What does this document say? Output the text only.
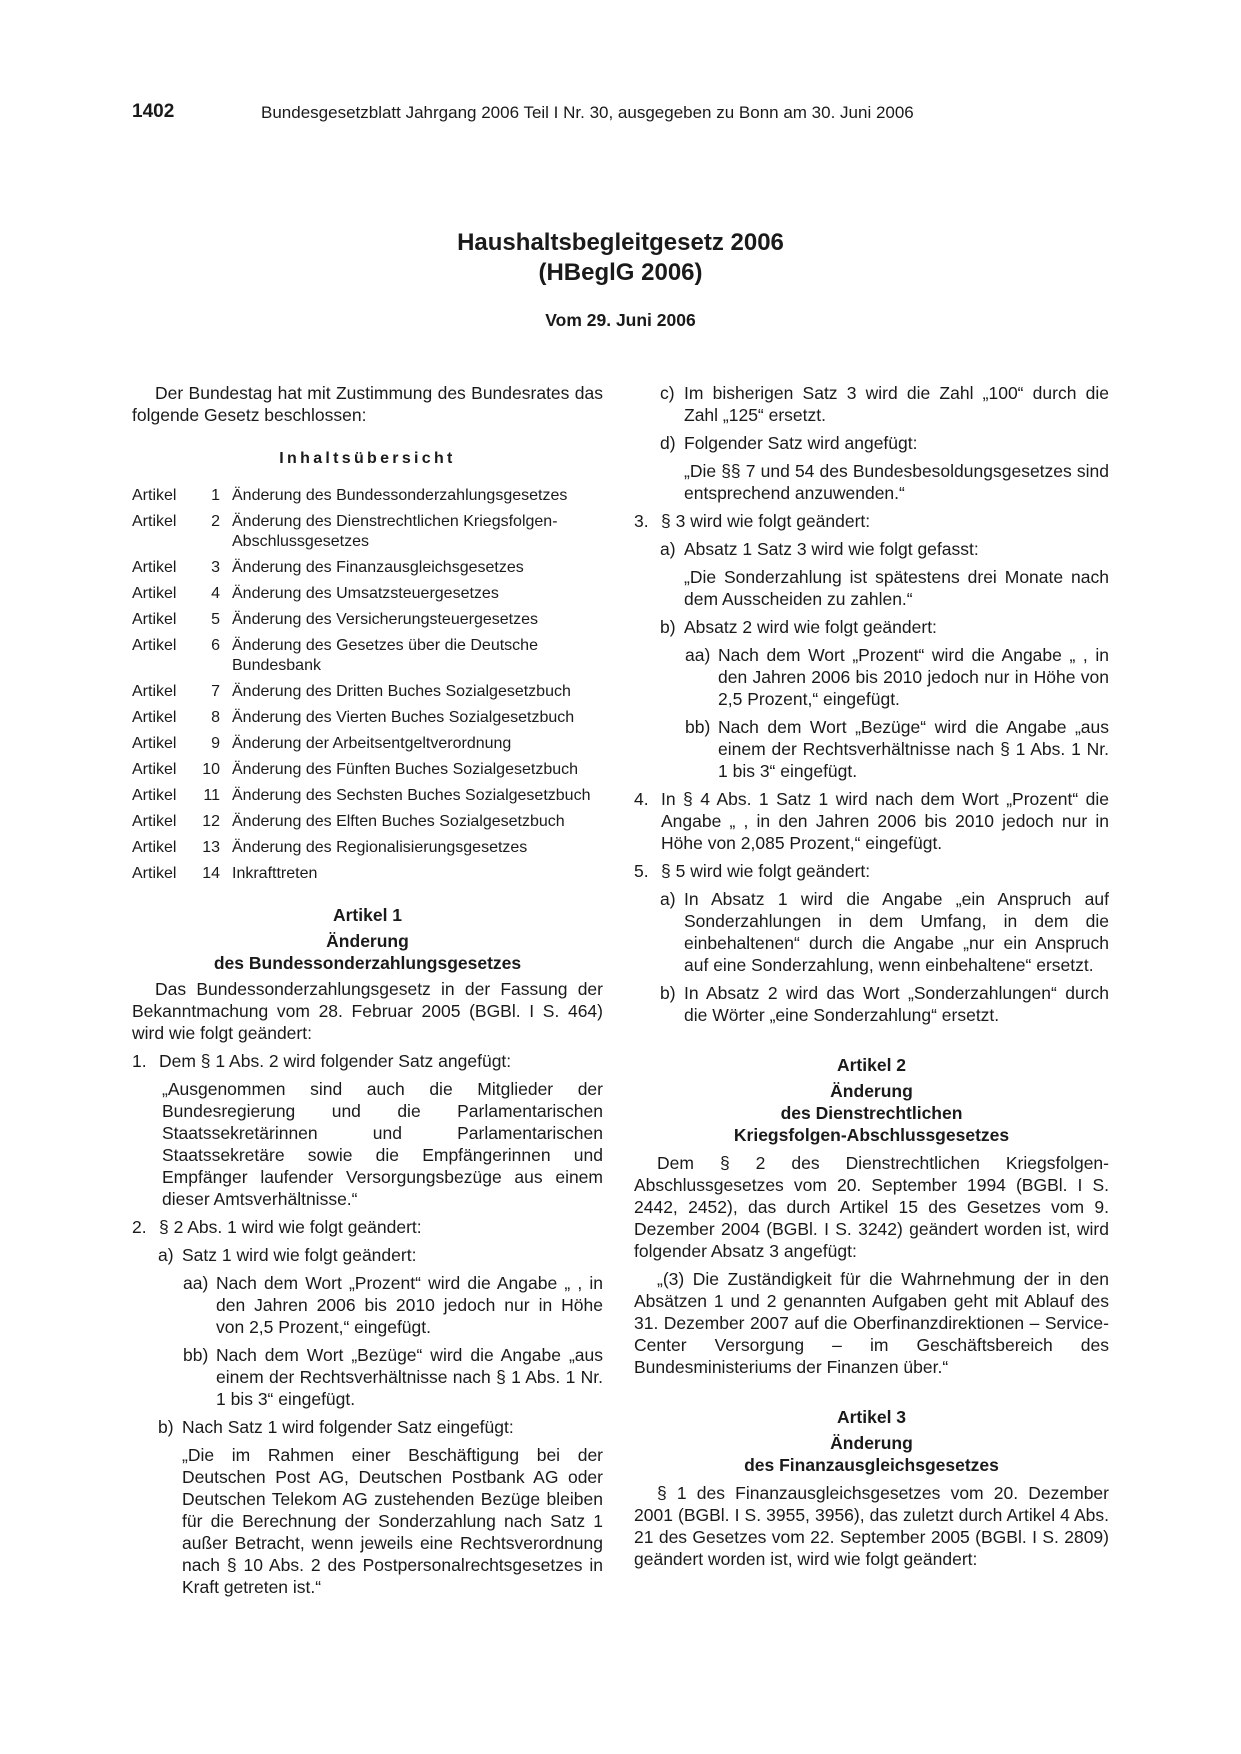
1402	Bundesgesetzblatt Jahrgang 2006 Teil I Nr. 30, ausgegeben zu Bonn am 30. Juni 2006
Haushaltsbegleitgesetz 2006
(HBeglG 2006)
Vom 29. Juni 2006

Der Bundestag hat mit Zustimmung des Bundesrates das folgende Gesetz beschlossen:

Inhaltsübersicht
Artikel	1 Änderung des Bundessonderzahlungsgesetzes
Artikel	2 Änderung des Dienstrechtlichen Kriegsfolgen-Abschlussgesetzes
Artikel	3 Änderung des Finanzausgleichsgesetzes
Artikel	4 Änderung des Umsatzsteuergesetzes
Artikel	5 Änderung des Versicherungsteuergesetzes
Artikel	6 Änderung des Gesetzes über die Deutsche Bundesbank
Artikel	7 Änderung des Dritten Buches Sozialgesetzbuch
Artikel	8 Änderung des Vierten Buches Sozialgesetzbuch
Artikel	9 Änderung der Arbeitsentgeltverordnung
Artikel	10 Änderung des Fünften Buches Sozialgesetzbuch
Artikel	11 Änderung des Sechsten Buches Sozialgesetzbuch
Artikel	12 Änderung des Elften Buches Sozialgesetzbuch
Artikel	13 Änderung des Regionalisierungsgesetzes
Artikel	14 Inkrafttreten
Artikel 1
Änderung
des Bundessonderzahlungsgesetzes

Das Bundessonderzahlungsgesetz in der Fassung der Bekanntmachung vom 28. Februar 2005 (BGBl. I S. 464) wird wie folgt geändert:

1. Dem § 1 Abs. 2 wird folgender Satz angefügt:

„Ausgenommen sind auch die Mitglieder der Bundesregierung und die Parlamentarischen Staatssekretärinnen und Parlamentarischen Staatssekretäre sowie die Empfängerinnen und Empfänger laufender Versorgungsbezüge aus einem dieser Amtsverhältnisse.“

2. § 2 Abs. 1 wird wie folgt geändert:
a) Satz 1 wird wie folgt geändert:
aa) Nach dem Wort „Prozent“ wird die Angabe „ , in den Jahren 2006 bis 2010 jedoch nur in Höhe von 2,5 Prozent,“ eingefügt.
bb) Nach dem Wort „Bezüge“ wird die Angabe „aus einem der Rechtsverhältnisse nach § 1 Abs. 1 Nr. 1 bis 3“ eingefügt.
b) Nach Satz 1 wird folgender Satz eingefügt:

„Die im Rahmen einer Beschäftigung bei der Deutschen Post AG, Deutschen Postbank AG oder Deutschen Telekom AG zustehenden Bezüge bleiben für die Berechnung der Sonderzahlung nach Satz 1 außer Betracht, wenn jeweils eine Rechtsverordnung nach § 10 Abs. 2 des Postpersonalrechtsgesetzes in Kraft getreten ist.“

c) Im bisherigen Satz 3 wird die Zahl „100“ durch die Zahl „125“ ersetzt.
d) Folgender Satz wird angefügt:

„Die §§ 7 und 54 des Bundesbesoldungsgesetzes sind entsprechend anzuwenden.“

3. § 3 wird wie folgt geändert:
a) Absatz 1 Satz 3 wird wie folgt gefasst:

„Die Sonderzahlung ist spätestens drei Monate nach dem Ausscheiden zu zahlen.“

b) Absatz 2 wird wie folgt geändert:
aa) Nach dem Wort „Prozent“ wird die Angabe „ , in den Jahren 2006 bis 2010 jedoch nur in Höhe von 2,5 Prozent,“ eingefügt.
bb) Nach dem Wort „Bezüge“ wird die Angabe „aus einem der Rechtsverhältnisse nach § 1 Abs. 1 Nr. 1 bis 3“ eingefügt.
4. In § 4 Abs. 1 Satz 1 wird nach dem Wort „Prozent“ die Angabe „ , in den Jahren 2006 bis 2010 jedoch nur in Höhe von 2,085 Prozent,“ eingefügt.
5. § 5 wird wie folgt geändert:
a) In Absatz 1 wird die Angabe „ein Anspruch auf Sonderzahlungen in dem Umfang, in dem die einbehaltenen“ durch die Angabe „nur ein Anspruch auf eine Sonderzahlung, wenn einbehaltene“ ersetzt.
b) In Absatz 2 wird das Wort „Sonderzahlungen“ durch die Wörter „eine Sonderzahlung“ ersetzt.
Artikel 2
Änderung
des Dienstrechtlichen
Kriegsfolgen-Abschlussgesetzes

Dem § 2 des Dienstrechtlichen Kriegsfolgen-Abschlussgesetzes vom 20. September 1994 (BGBl. I S. 2442, 2452), das durch Artikel 15 des Gesetzes vom 9. Dezember 2004 (BGBl. I S. 3242) geändert worden ist, wird folgender Absatz 3 angefügt:

„(3) Die Zuständigkeit für die Wahrnehmung der in den Absätzen 1 und 2 genannten Aufgaben geht mit Ablauf des 31. Dezember 2007 auf die Oberfinanzdirektionen – Service-Center Versorgung – im Geschäftsbereich des Bundesministeriums der Finanzen über.“

Artikel 3
Änderung
des Finanzausgleichsgesetzes

§ 1 des Finanzausgleichsgesetzes vom 20. Dezember 2001 (BGBl. I S. 3955, 3956), das zuletzt durch Artikel 4 Abs. 21 des Gesetzes vom 22. September 2005 (BGBl. I S. 2809) geändert worden ist, wird wie folgt geändert:
